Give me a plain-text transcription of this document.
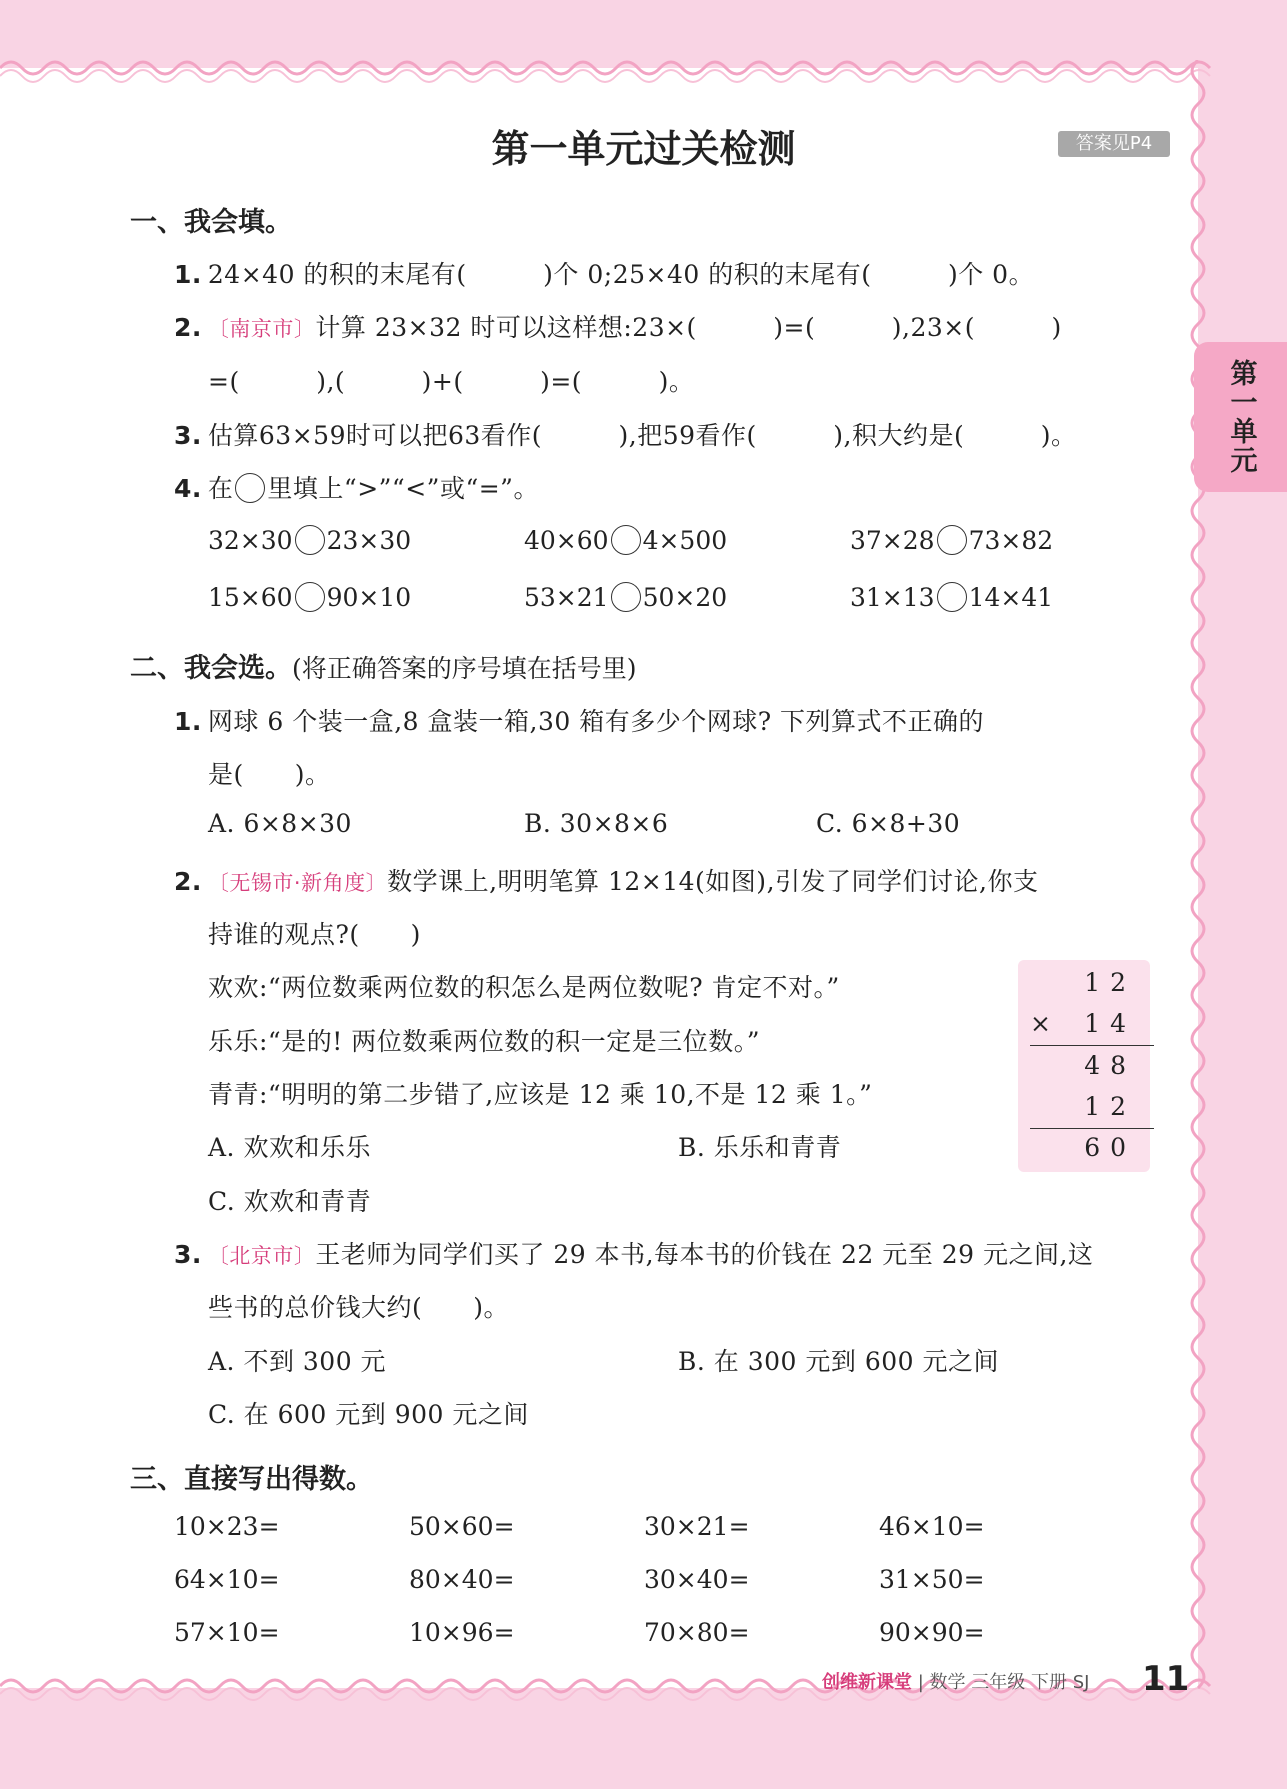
第一单元
第一单元过关检测	答案见P4
一、我会填。
1. 24×40 的积的末尾有(　　　)个 0;25×40 的积的末尾有(　　　)个 0。
2. 〔南京市〕计算 23×32 时可以这样想:23×(　　　)=(　　　),23×(　　　)
=(　　　),(　　　)+(　　　)=(　　　)。
3. 估算63×59时可以把63看作(　　　),把59看作(　　　),积大约是(　　　)。
4. 在 里填上“>”“<”或“=”。
32×30 23×30	40×60 4×500	37×28 73×82
15×60 90×10	53×21 50×20	31×13 14×41
二、我会选。(将正确答案的序号填在括号里)
1. 网球 6 个装一盒,8 盒装一箱,30 箱有多少个网球? 下列算式不正确的
是(　　)。
A. 6×8×30	B. 30×8×6	C. 6×8+30
2. 〔无锡市·新角度〕数学课上,明明笔算 12×14(如图),引发了同学们讨论,你支
持谁的观点?(　　)
欢欢:“两位数乘两位数的积怎么是两位数呢? 肯定不对。”
乐乐:“是的! 两位数乘两位数的积一定是三位数。”
青青:“明明的第二步错了,应该是 12 乘 10,不是 12 乘 1。”
A. 欢欢和乐乐	B. 乐乐和青青
C. 欢欢和青青
12
× 14
48
12
60
3. 〔北京市〕王老师为同学们买了 29 本书,每本书的价钱在 22 元至 29 元之间,这
些书的总价钱大约(　　)。
A. 不到 300 元	B. 在 300 元到 600 元之间
C. 在 600 元到 900 元之间
三、直接写出得数。
10×23=	50×60=	30×21=	46×10=
64×10=	80×40=	30×40=	31×50=
57×10=	10×96=	70×80=	90×90=
创维新课堂 | 数学 三年级 下册 SJ 11
